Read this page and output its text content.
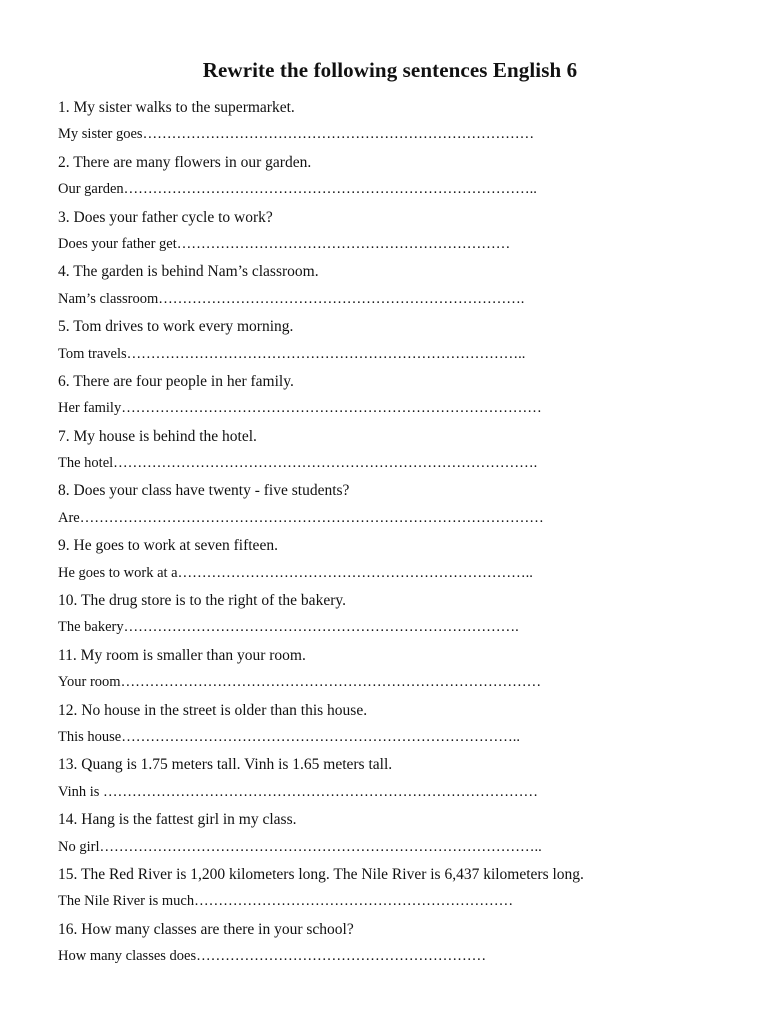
Rewrite the following sentences English 6
1. My sister walks to the supermarket.
My sister goes………………………………………………………………………
2. There are many flowers in our garden.
Our garden…………………………………………………………………………..
3. Does your father cycle to work?
Does your father get……………………………………………………………
4. The garden is behind Nam’s classroom.
Nam’s classroom………………………………………………………………….
5. Tom drives to work every morning.
Tom travels………………………………………………………………………..
6. There are four people in her family.
Her family……………………………………………………………………………
7. My house is behind the hotel.
The hotel…………………………………………………………………………….
8. Does your class have twenty - five students?
Are……………………………………………………………………………………
9. He goes to work at seven fifteen.
He goes to work at a………………………………………………………………..
10. The drug store is to the right of the bakery.
The bakery……………………………………………………………………….
11. My room is smaller than your room.
Your room……………………………………………………………………………
12. No house in the street is older than this house.
This house………………………………………………………………………..
13. Quang is 1.75 meters tall. Vinh is 1.65 meters tall.
Vinh is ………………………………………………………………………………
14. Hang is the fattest girl in my class.
No girl………………………………………………………………………………..
15. The Red River is 1,200 kilometers long. The Nile River is 6,437 kilometers long.
The Nile River is much…………………………………………………………
16. How many classes are there in your school?
How many classes does……………………………………………………
